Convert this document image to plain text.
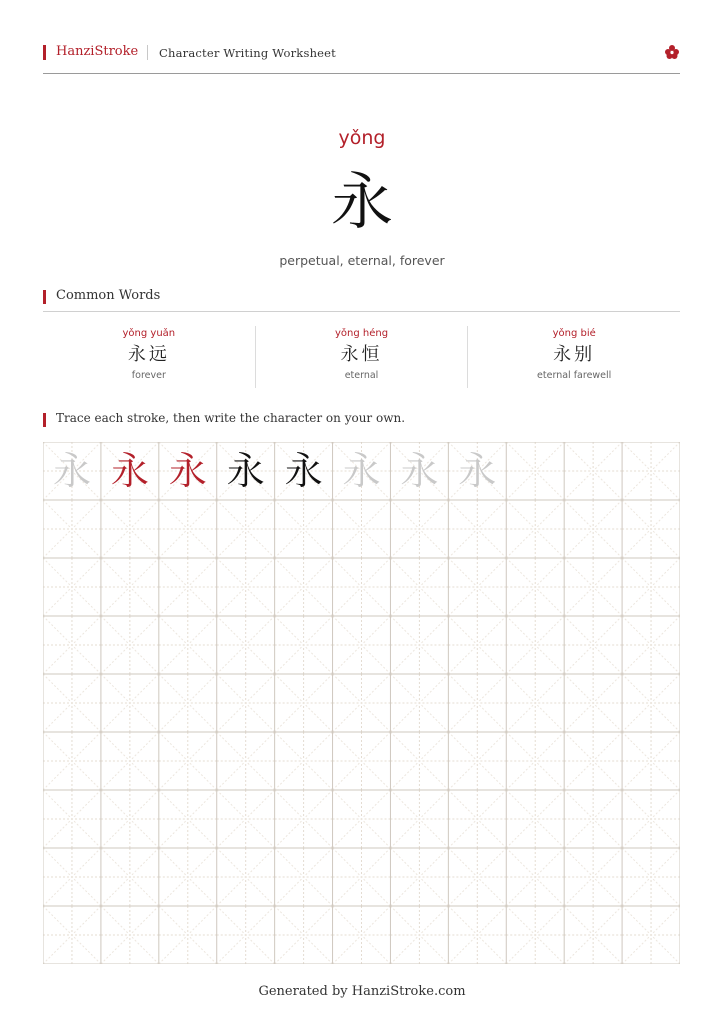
HanziStroke Character Writing Worksheet
yǒng
永
perpetual, eternal, forever
Common Words
yǒng yuǎn
永远
forever
yǒng héng
永恒
eternal
yǒng bié
永别
eternal farewell
Trace each stroke, then write the character on your own.
永 永 永 永 永 永 永 永
Generated by HanziStroke.com
